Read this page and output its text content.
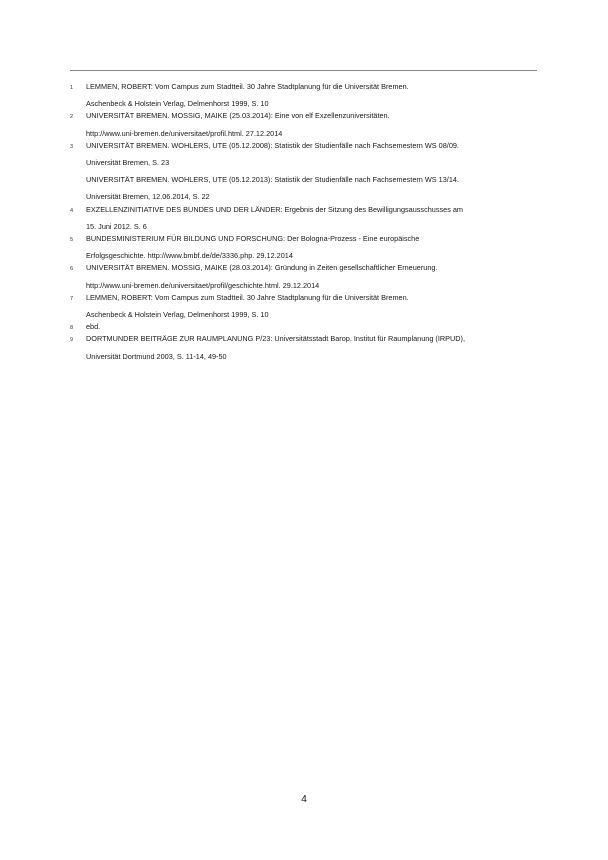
1	LEMMEN, ROBERT: Vom Campus zum Stadtteil. 30 Jahre Stadtplanung für die Universität Bremen.
Aschenbeck & Holstein Verlag, Delmenhorst 1999, S. 10
2	UNIVERSITÄT BREMEN. MOSSIG, MAIKE (25.03.2014): Eine von elf Exzellenzuniversitäten.
http://www.uni-bremen.de/universitaet/profil.html. 27.12.2014
3	UNIVERSITÄT BREMEN. WOHLERS, UTE (05.12.2008): Statistik der Studienfälle nach Fachsemestern WS 08/09.
Universität Bremen, S. 23
UNIVERSITÄT BREMEN. WOHLERS, UTE (05.12.2013): Statistik der Studienfälle nach Fachsemestern WS 13/14.
Universität Bremen, 12.06.2014, S. 22
4	EXZELLENZINITIATIVE DES BUNDES UND DER LÄNDER: Ergebnis der Sitzung des Bewilligungsausschusses am
15. Juni 2012. S. 6
5	BUNDESMINISTERIUM FÜR BILDUNG UND FORSCHUNG: Der Bologna-Prozess - Eine europäische
Erfolgsgeschichte. http://www.bmbf.de/de/3336.php. 29.12.2014
6	UNIVERSITÄT BREMEN. MOSSIG, MAIKE (28.03.2014): Gründung in Zeiten gesellschaftlicher Erneuerung.
http://www.uni-bremen.de/universitaet/profil/geschichte.html. 29.12.2014
7	LEMMEN, ROBERT: Vom Campus zum Stadtteil. 30 Jahre Stadtplanung für die Universität Bremen.
Aschenbeck & Holstein Verlag, Delmenhorst 1999, S. 10
8	ebd.
9	DORTMUNDER BEITRÄGE ZUR RAUMPLANUNG P/23: Universitätsstadt Barop. Institut für Raumplanung (IRPUD),
Universität Dortmund 2003, S. 11-14, 49-50
4
